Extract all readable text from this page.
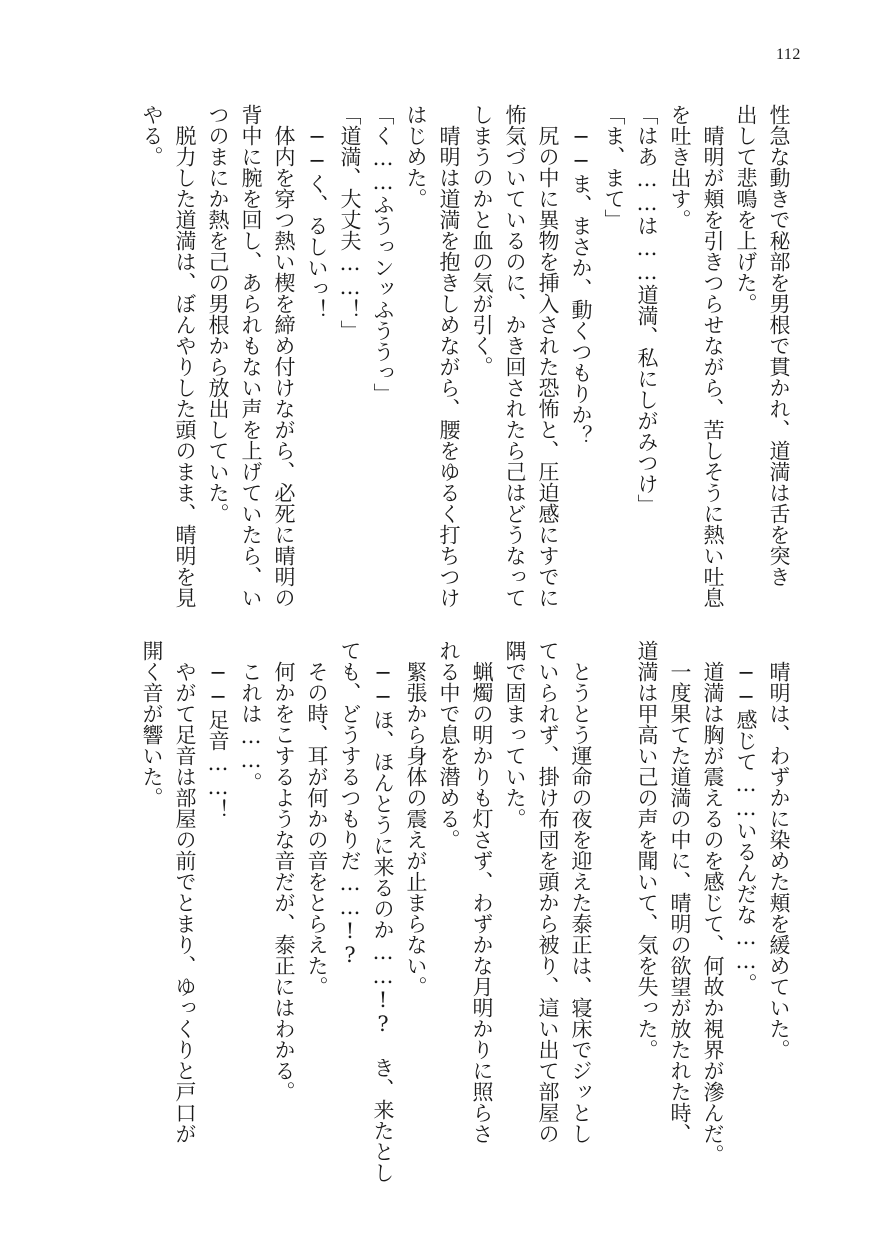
112
性急な動きで秘部を男根で貫かれ、道満は舌を突き
出して悲鳴を上げた。
　晴明が頬を引きつらせながら、苦しそうに熱い吐息
を吐き出す。
「はあ……は……道満、私にしがみつけ」
「ま、まて」
　──ま、まさか、動くつもりか？
　尻の中に異物を挿入された恐怖と、圧迫感にすでに
怖気づいているのに、かき回されたら己はどうなって
しまうのかと血の気が引く。
　晴明は道満を抱きしめながら、腰をゆるく打ちつけ
はじめた。
「く……ふうっンッふううっ」
「道満、大丈夫……！」
　──く、るしいっ！
　体内を穿つ熱い楔を締め付けながら、必死に晴明の
背中に腕を回し、あられもない声を上げていたら、い
つのまにか熱を己の男根から放出していた。
　脱力した道満は、ぼんやりした頭のまま、晴明を見
やる。
　晴明は、わずかに染めた頬を緩めていた。
　──感じて……いるんだな……。
　道満は胸が震えるのを感じて、何故か視界が滲んだ。
　一度果てた道満の中に、晴明の欲望が放たれた時、
道満は甲高い己の声を聞いて、気を失った。
　とうとう運命の夜を迎えた泰正は、寝床でジッとし
ていられず、掛け布団を頭から被り、這い出て部屋の
隅で固まっていた。
　蝋燭の明かりも灯さず、わずかな月明かりに照らさ
れる中で息を潜める。
　緊張から身体の震えが止まらない。
　──ほ、ほんとうに来るのか……!?　き、来たとし
ても、どうするつもりだ……!?
　その時、耳が何かの音をとらえた。
　何かをこするような音だが、泰正にはわかる。
　これは……。
　──足音……！
　やがて足音は部屋の前でとまり、ゆっくりと戸口が
開く音が響いた。
